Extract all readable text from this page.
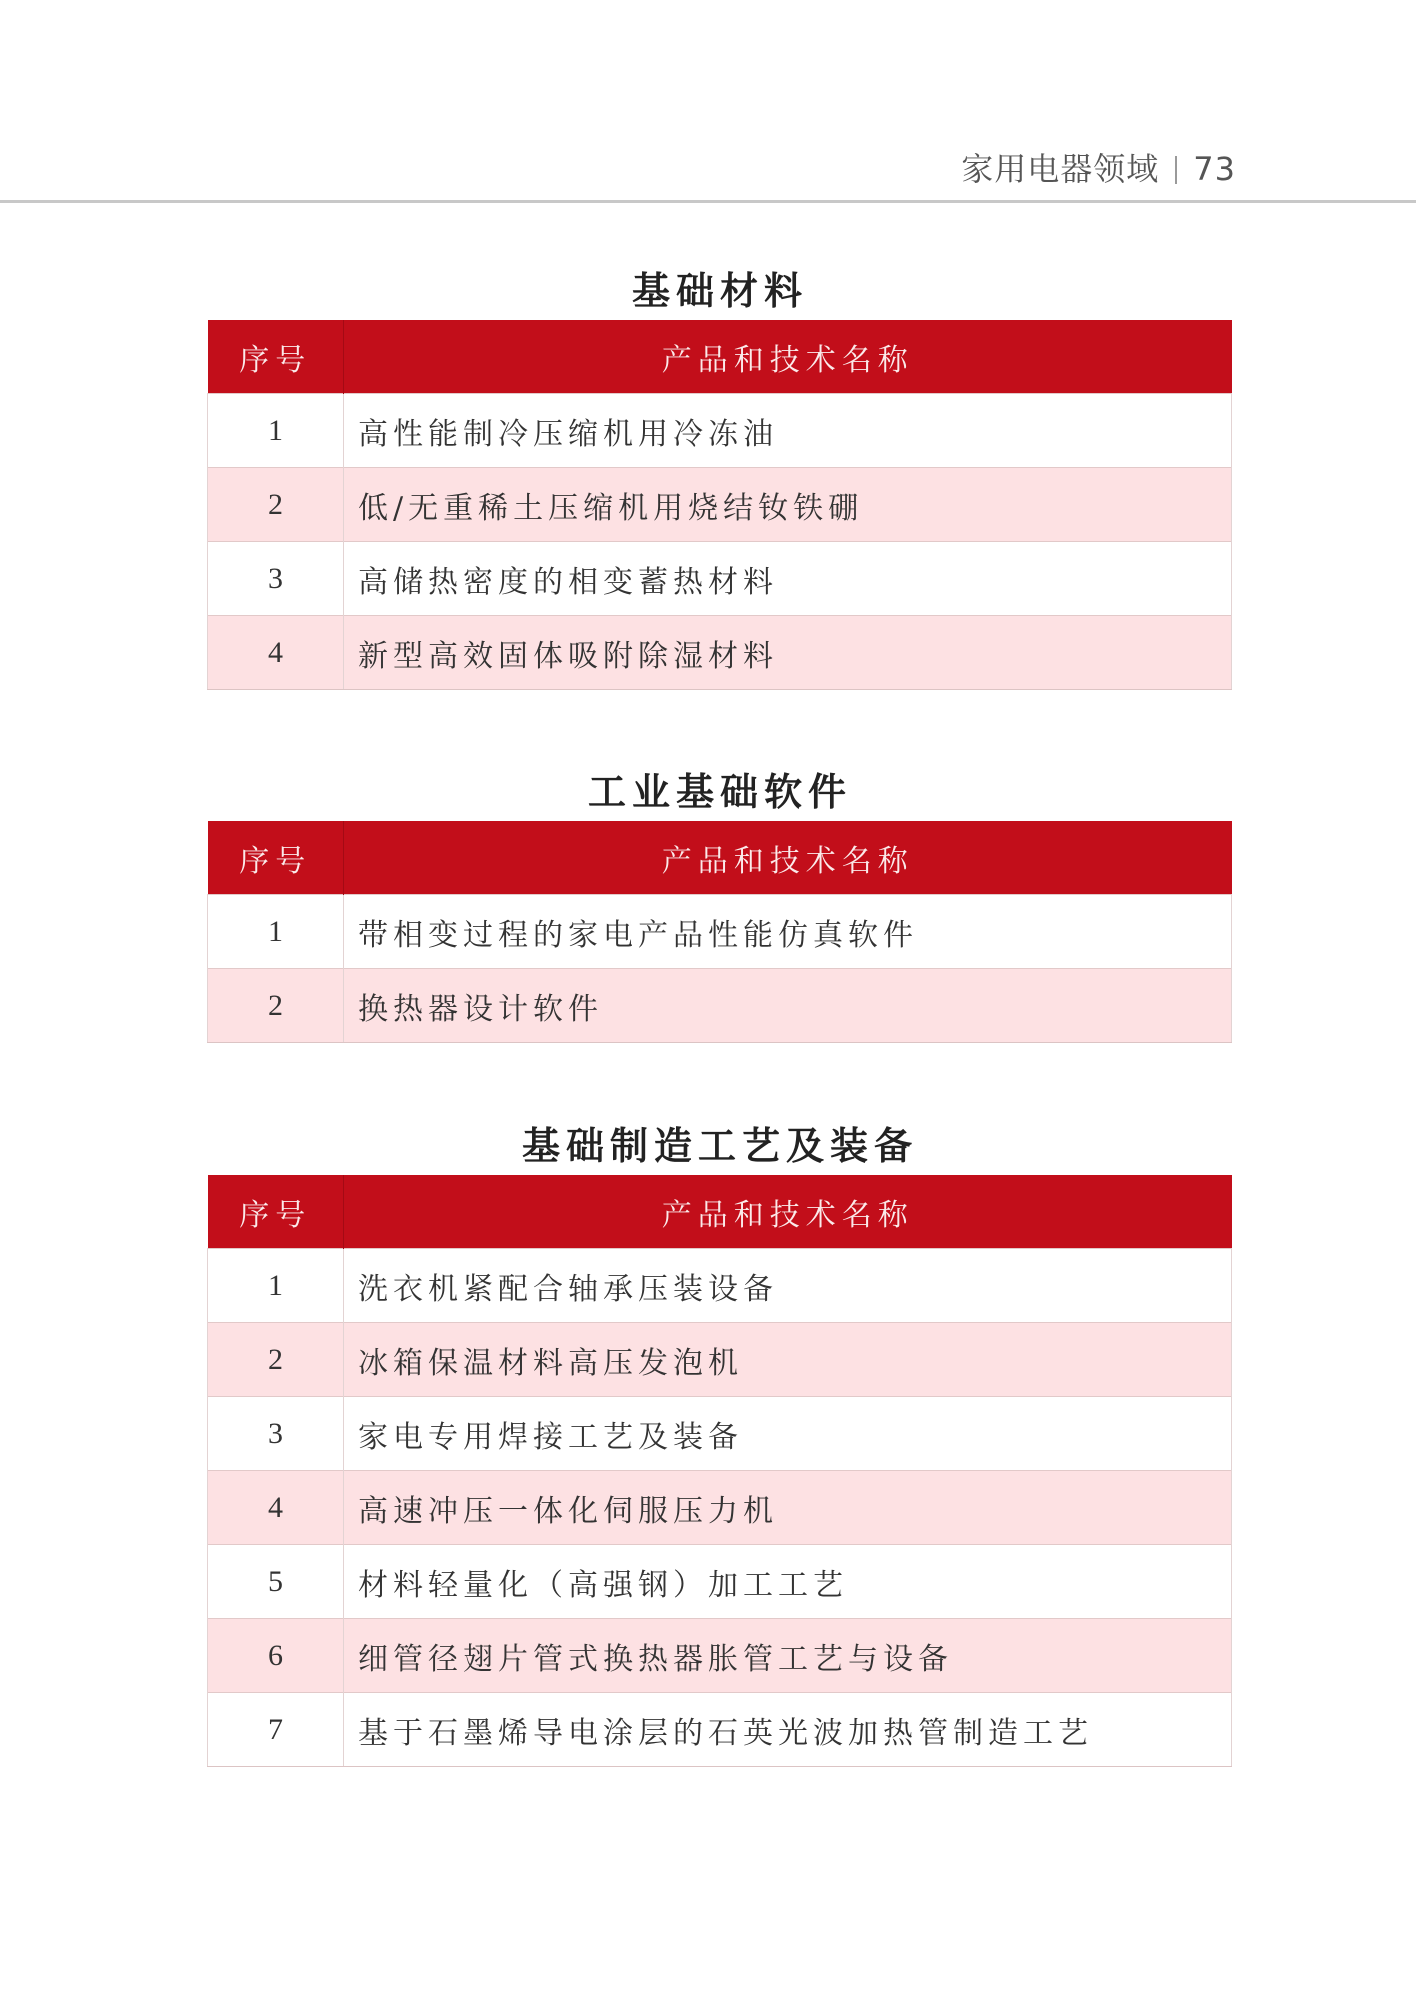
家用电器领域 73
基础材料
序号	产品和技术名称
1	高性能制冷压缩机用冷冻油
2	低/无重稀土压缩机用烧结钕铁硼
3	高储热密度的相变蓄热材料
4	新型高效固体吸附除湿材料
工业基础软件
序号	产品和技术名称
1	带相变过程的家电产品性能仿真软件
2	换热器设计软件
基础制造工艺及装备
序号	产品和技术名称
1	洗衣机紧配合轴承压装设备
2	冰箱保温材料高压发泡机
3	家电专用焊接工艺及装备
4	高速冲压一体化伺服压力机
5	材料轻量化（高强钢）加工工艺
6	细管径翅片管式换热器胀管工艺与设备
7	基于石墨烯导电涂层的石英光波加热管制造工艺
